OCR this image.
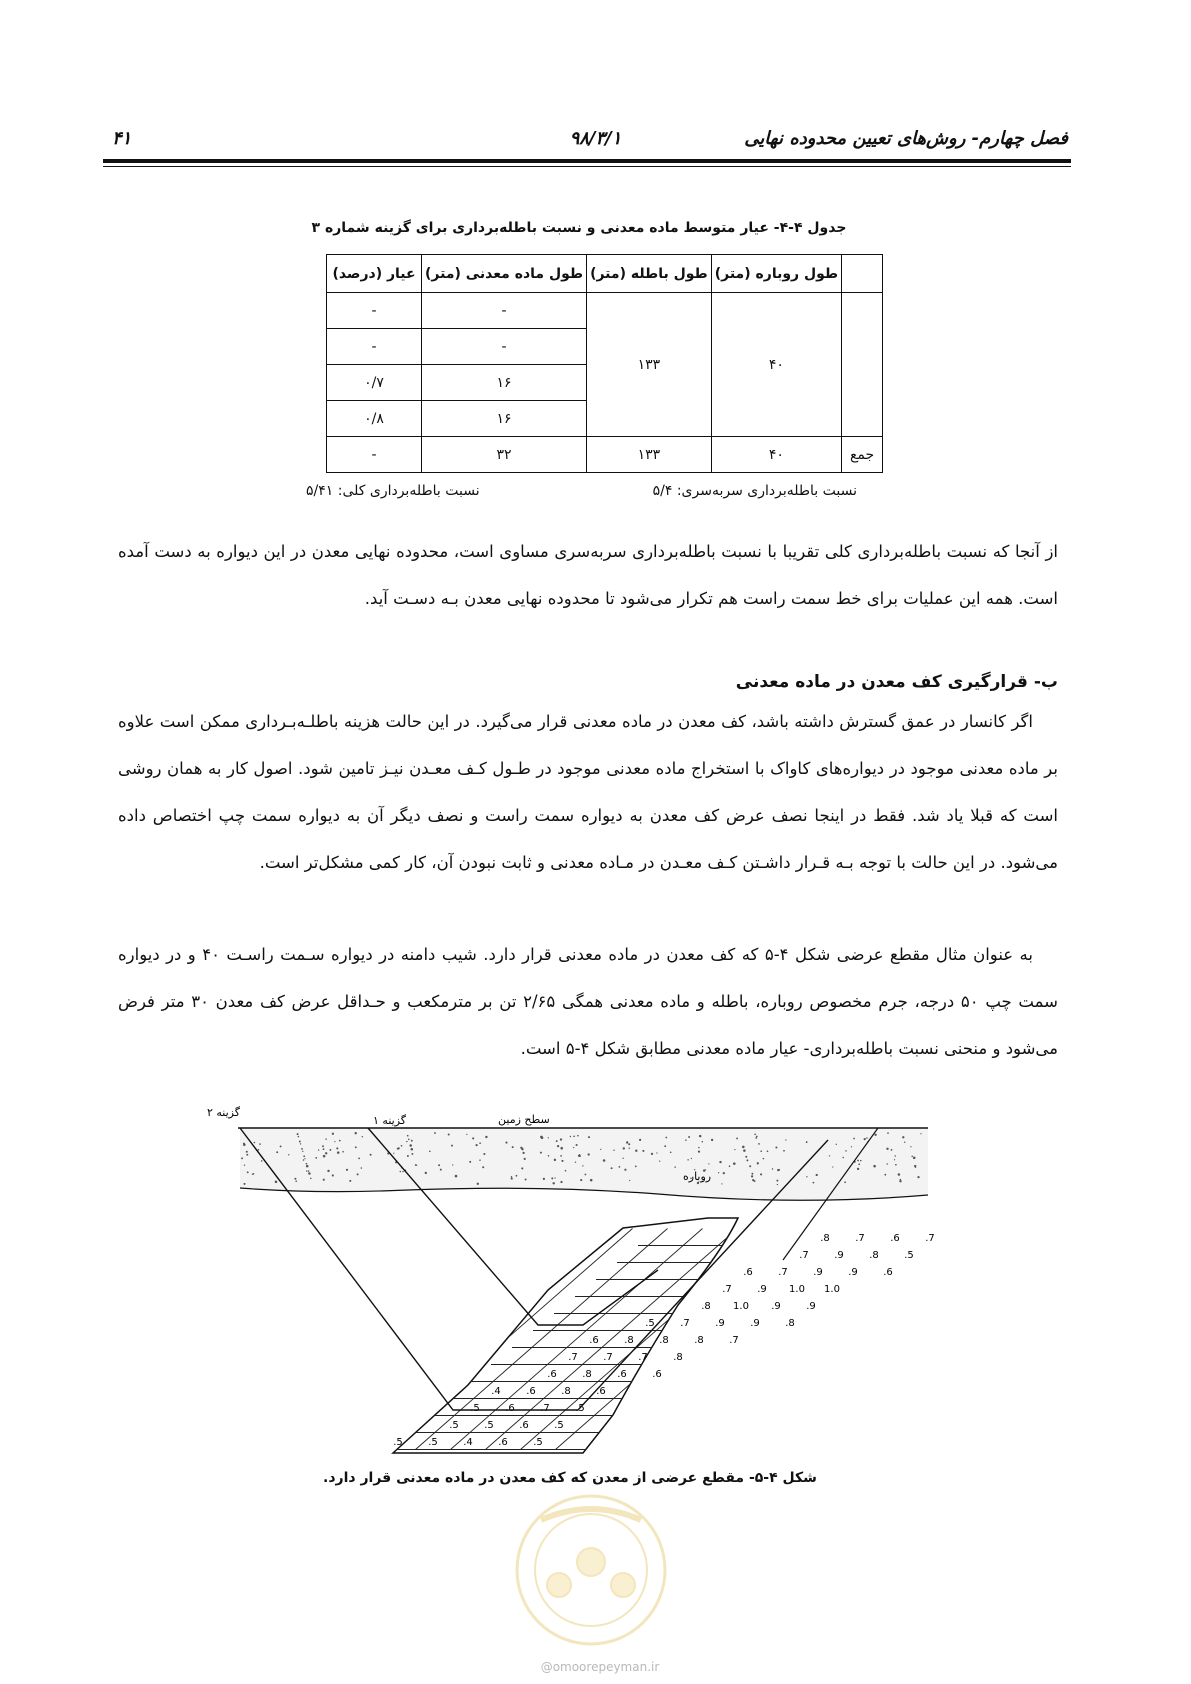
فصل چهارم- روش‌های تعیین محدوده نهایی
۹۸/۳/۱
۴۱
جدول ۴-۴- عیار متوسط ماده معدنی و نسبت باطله‌برداری برای گزینه شماره ۳
	طول روباره (متر)	طول باطله (متر)	طول ماده معدنی (متر)	عیار (درصد)
	۴۰	۱۳۳	-	-
			-	-
			۱۶	۰/۷
			۱۶	۰/۸
جمع	۴۰	۱۳۳	۳۲	-
نسبت باطله‌برداری سربه‌سری: ۵/۴
نسبت باطله‌برداری کلی: ۵/۴۱
از آنجا که نسبت باطله‌برداری کلی تقریبا با نسبت باطله‌برداری سربه‌سری مساوی است، محدوده نهایی معدن در این دیواره به دست آمده است. همه این عملیات برای خط سمت راست هم تکرار می‌شود تا محدوده نهایی معدن بـه دسـت آید.
ب- قرارگیری کف معدن در ماده معدنی
اگر کانسار در عمق گسترش داشته باشد، کف معدن در ماده معدنی قرار می‌گیرد. در این حالت هزینه باطلـه‌بـرداری ممکن است علاوه بر ماده معدنی موجود در دیواره‌های کاواک با استخراج ماده معدنی موجود در طـول کـف معـدن نیـز تامین شود. اصول کار به همان روشی است که قبلا یاد شد. فقط در اینجا نصف عرض کف معدن به دیواره سمت راست و نصف دیگر آن به دیواره سمت چپ اختصاص داده می‌شود. در این حالت با توجه بـه قـرار داشـتن کـف معـدن در مـاده معدنی و ثابت نبودن آن، کار کمی مشکل‌تر است.
به عنوان مثال مقطع عرضی شکل ۴-۵ که کف معدن در ماده معدنی قرار دارد. شیب دامنه در دیواره سـمت راسـت ۴۰ و در دیواره سمت چپ ۵۰ درجه، جرم مخصوص روباره، باطله و ماده معدنی همگی ۲/۶۵ تن بر مترمکعب و حـداقل عرض کف معدن ۳۰ متر فرض می‌شود و منحنی نسبت باطله‌برداری- عیار ماده معدنی مطابق شکل ۴-۵ است.
.8	.7	.6	.7
.7	.9	.8	.5
.6	.7	.9	.9	.6
.7	.9 1.0 1.0
.8 1.0 .9	.9
.5	.7	.9	.9	.8
.6	.8	.8	.8	.7
.7	.7	.7	.8
.6	.8	.6	.6
.4	.6	.8	.6
.5	.6	.7	.5
.5	.5	.6	.5
.5	.5	.4	.6	.5
گزینه ۲
گزینه ۱	سطح زمین
روباره
شکل ۴-۵- مقطع عرضی از معدن که کف معدن در ماده معدنی قرار دارد.
@omoorepeyman.ir
